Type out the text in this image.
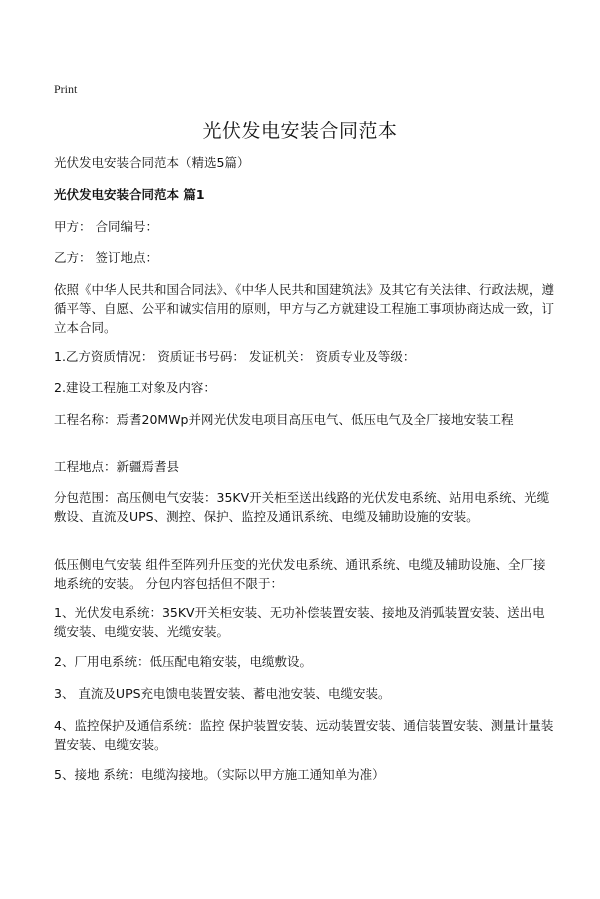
Print
光伏发电安装合同范本

光伏发电安装合同范本（精选5篇）

光伏发电安装合同范本 篇1

甲方： 合同编号：

乙方： 签订地点：

依照《中华人民共和国合同法》、《中华人民共和国建筑法》及其它有关法律、行政法规，遵循平等、自愿、公平和诚实信用的原则，甲方与乙方就建设工程施工事项协商达成一致，订立本合同。

1.乙方资质情况： 资质证书号码： 发证机关： 资质专业及等级：

2.建设工程施工对象及内容：

工程名称：焉耆20MWp并网光伏发电项目高压电气、低压电气及全厂接地安装工程

工程地点：新疆焉耆县

分包范围：高压侧电气安装：35KV开关柜至送出线路的光伏发电系统、站用电系统、光缆敷设、直流及UPS、测控、保护、监控及通讯系统、电缆及辅助设施的安装。

低压侧电气安装 组件至阵列升压变的光伏发电系统、通讯系统、电缆及辅助设施、全厂接地系统的安装。 分包内容包括但不限于：

1、光伏发电系统：35KV开关柜安装、无功补偿装置安装、接地及消弧装置安装、送出电缆安装、电缆安装、光缆安装。

2、厂用电系统：低压配电箱安装，电缆敷设。

3、 直流及UPS充电馈电装置安装、蓄电池安装、电缆安装。

4、监控保护及通信系统：监控 保护装置安装、远动装置安装、通信装置安装、测量计量装置安装、电缆安装。

5、接地 系统：电缆沟接地。（实际以甲方施工通知单为准）
